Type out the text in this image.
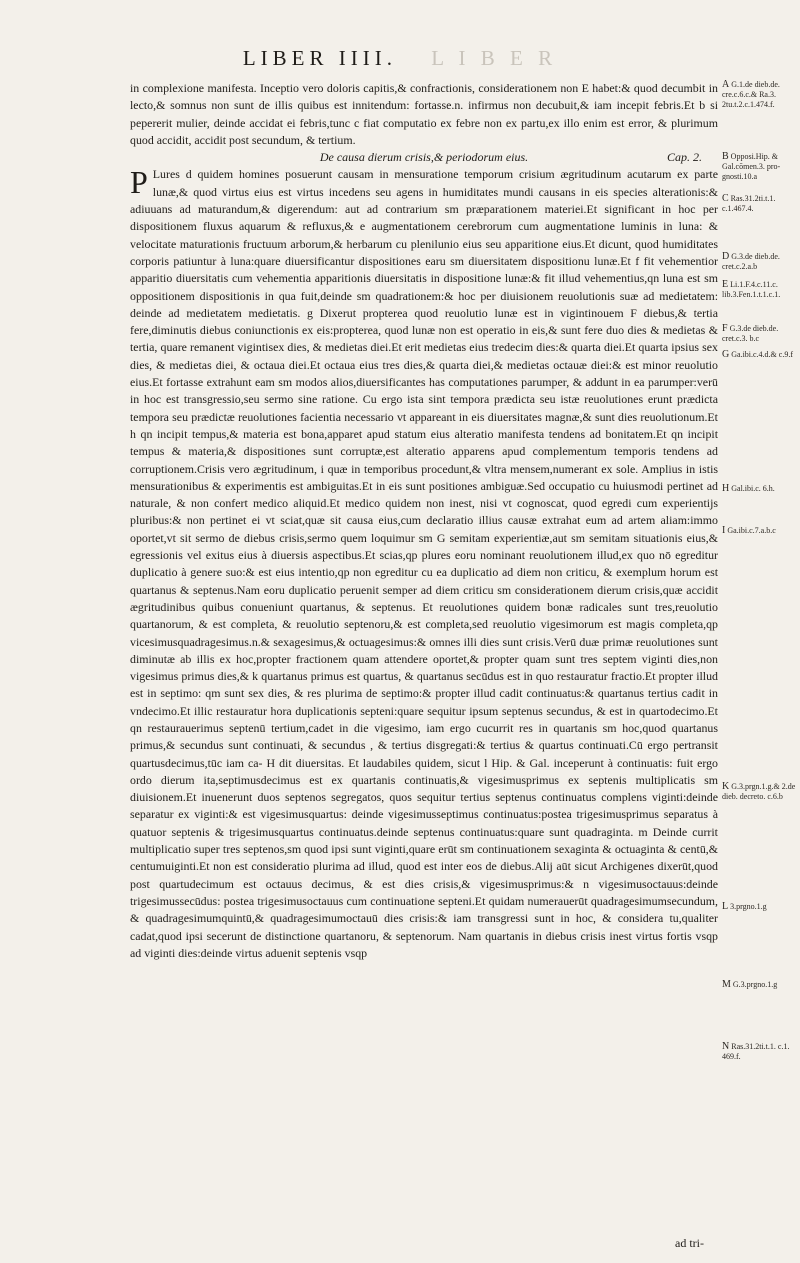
LIBER IIII. L I B E R

in complexione manifesta. Inceptio vero doloris capitis,& confractionis, considerationem non E habet:& quod decumbit in lecto,& somnus non sunt de illis quibus est innitendum: fortasse.n. infirmus non decubuit,& iam incepit febris.Et b si pepererit mulier, deinde accidat ei febris,tunc c fiat computatio ex febre non ex partu,ex illo enim est error, & plurimum quod accidit, accidit post secundum, & tertium.

De causa dierum crisis,& periodorum eius.	Cap. 2.

P Lures d quidem homines posuerunt causam in mensuratione temporum crisium ægritudinum acutarum ex parte lunæ,& quod virtus eius est virtus incedens seu agens in humiditates mundi causans in eis species alterationis:& adiuuans ad maturandum,& digerendum: aut ad contrarium sm præparationem materiei.Et significant in hoc per dispositionem fluxus aquarum & refluxus,& e augmentationem cerebrorum cum augmentatione luminis in luna: & velocitate maturationis fructuum arborum,& herbarum cu plenilunio eius seu apparitione eius.Et dicunt, quod humiditates corporis patiuntur à luna:quare diuersificantur dispositiones earu sm diuersitatem dispositionu lunæ.Et f fit vehementior apparitio diuersitatis cum vehementia apparitionis diuersitatis in dispositione lunæ:& fit illud vehementius,qn luna est sm oppositionem dispositionis in qua fuit,deinde sm quadrationem:& hoc per diuisionem reuolutionis suæ ad medietatem: deinde ad medietatem medietatis. g Dixerut propterea quod reuolutio lunæ est in vigintinouem F diebus,& tertia fere,diminutis diebus coniunctionis ex eis:propterea, quod lunæ non est operatio in eis,& sunt fere duo dies & medietas & tertia, quare remanent vigintisex dies, & medietas diei.Et erit medietas eius tredecim dies:& quarta diei.Et quarta ipsius sex dies, & medietas diei, & octaua diei.Et octaua eius tres dies,& quarta diei,& medietas octauæ diei:& est minor reuolutio eius.Et fortasse extrahunt eam sm modos alios,diuersificantes has computationes parumper, & addunt in ea parumper:verū in hoc est transgressio,seu sermo sine ratione. Cu ergo ista sint tempora prædicta seu istæ reuolutiones erunt prædicta tempora seu prædictæ reuolutiones facientia necessario vt appareant in eis diuersitates magnæ,& sunt dies reuolutionum.Et h qn incipit tempus,& materia est bona,apparet apud statum eius alteratio manifesta tendens ad bonitatem.Et qn incipit tempus & materia,& dispositiones sunt corruptæ,est alteratio apparens apud complementum temporis tendens ad corruptionem.Crisis vero ægritudinum, i quæ in temporibus procedunt,& vltra mensem,numerant ex sole. Amplius in istis mensurationibus & experimentis est ambiguitas.Et in eis sunt positiones ambiguæ.Sed occupatio cu huiusmodi pertinet ad naturale, & non confert medico aliquid.Et medico quidem non inest, nisi vt cognoscat, quod egredi cum experientijs pluribus:& non pertinet ei vt sciat,quæ sit causa eius,cum declaratio illius causæ extrahat eum ad artem aliam:immo oportet,vt sit sermo de diebus crisis,sermo quem loquimur sm G semitam experientiæ,aut sm semitam situationis eius,& egressionis vel exitus eius à diuersis aspectibus.Et scias,qp plures eoru nominant reuolutionem illud,ex quo nō egreditur duplicatio à genere suo:& est eius intentio,qp non egreditur cu ea duplicatio ad diem non criticu, & exemplum horum est quartanus & septenus.Nam eoru duplicatio peruenit semper ad diem criticu sm considerationem dierum crisis,quæ accidit ægritudinibus quibus conueniunt quartanus, & septenus. Et reuolutiones quidem bonæ radicales sunt tres,reuolutio quartanorum, & est completa, & reuolutio septenoru,& est completa,sed reuolutio vigesimorum est magis completa,qp vicesimusquadragesimus.n.& sexagesimus,& octuagesimus:& omnes illi dies sunt crisis.Verū duæ primæ reuolutiones sunt diminutæ ab illis ex hoc,propter fractionem quam attendere oportet,& propter quam sunt tres septem viginti dies,non vigesimus primus dies,& k quartanus primus est quartus, & quartanus secūdus est in quo restauratur fractio.Et propter illud est in septimo: qm sunt sex dies, & res plurima de septimo:& propter illud cadit continuatus:& quartanus tertius cadit in vndecimo.Et illic restauratur hora duplicationis septeni:quare sequitur ipsum septenus secundus, & est in quartodecimo.Et qn restaurauerimus septenū tertium,cadet in die vigesimo, iam ergo cucurrit res in quartanis sm hoc,quod quartanus primus,& secundus sunt continuati, & secundus , & tertius disgregati:& tertius & quartus continuati.Cū ergo pertransit quartusdecimus,tūc iam ca- H dit diuersitas. Et laudabiles quidem, sicut l Hip. & Gal. inceperunt à continuatis: fuit ergo ordo dierum ita,septimusdecimus est ex quartanis continuatis,& vigesimusprimus ex septenis multiplicatis sm diuisionem.Et inuenerunt duos septenos segregatos, quos sequitur tertius septenus continuatus complens viginti:deinde separatur ex viginti:& est vigesimusquartus: deinde vigesimusseptimus continuatus:postea trigesimusprimus separatus à quatuor septenis & trigesimusquartus continuatus.deinde septenus continuatus:quare sunt quadraginta. m Deinde currit multiplicatio super tres septenos,sm quod ipsi sunt viginti,quare erūt sm continuationem sexaginta & octuaginta & centū,& centumuiginti.Et non est consideratio plurima ad illud, quod est inter eos de diebus.Alij aūt sicut Archigenes dixerūt,quod post quartudecimum est octauus decimus, & est dies crisis,& vigesimusprimus:& n vigesimusoctauus:deinde trigesimussecūdus: postea trigesimusoctauus cum continuatione septeni.Et quidam numerauerūt quadragesimumsecundum, & quadragesimumquintū,& quadragesimumoctauū dies crisis:& iam transgressi sunt in hoc, & considera tu,qualiter cadat,quod ipsi secerunt de distinctione quartanoru, & septenorum. Nam quartanis in diebus crisis inest virtus fortis vsqp ad viginti dies:deinde virtus aduenit septenis vsqp

A G.1.de dieb.de. cre.c.6.c.& Ra.3. 2tu.t.2.c.1.474.f.
B Opposi.Hip. & Gal.cōmen.3. pro- gnosti.10.a
C Ras.31.2ti.t.1. c.1.467.4.
D G.3.de dieb.de. cret.c.2.a.b
E Li.1.F.4.c.11.c. lib.3.Fen.1.t.1.c.1.
F G.3.de dieb.de. cret.c.3. b.c
G Ga.ibi.c.4.d.& c.9.f
H Gal.ibi.c. 6.h.
I Ga.ibi.c.7.a.b.c
K G.3.prgn.1.g.& 2.de dieb. decreto. c.6.b
L 3.prgno.1.g
M G.3.prgno.1.g
N Ras.31.2ti.t.1. c.1. 469.f.
ad tri-
